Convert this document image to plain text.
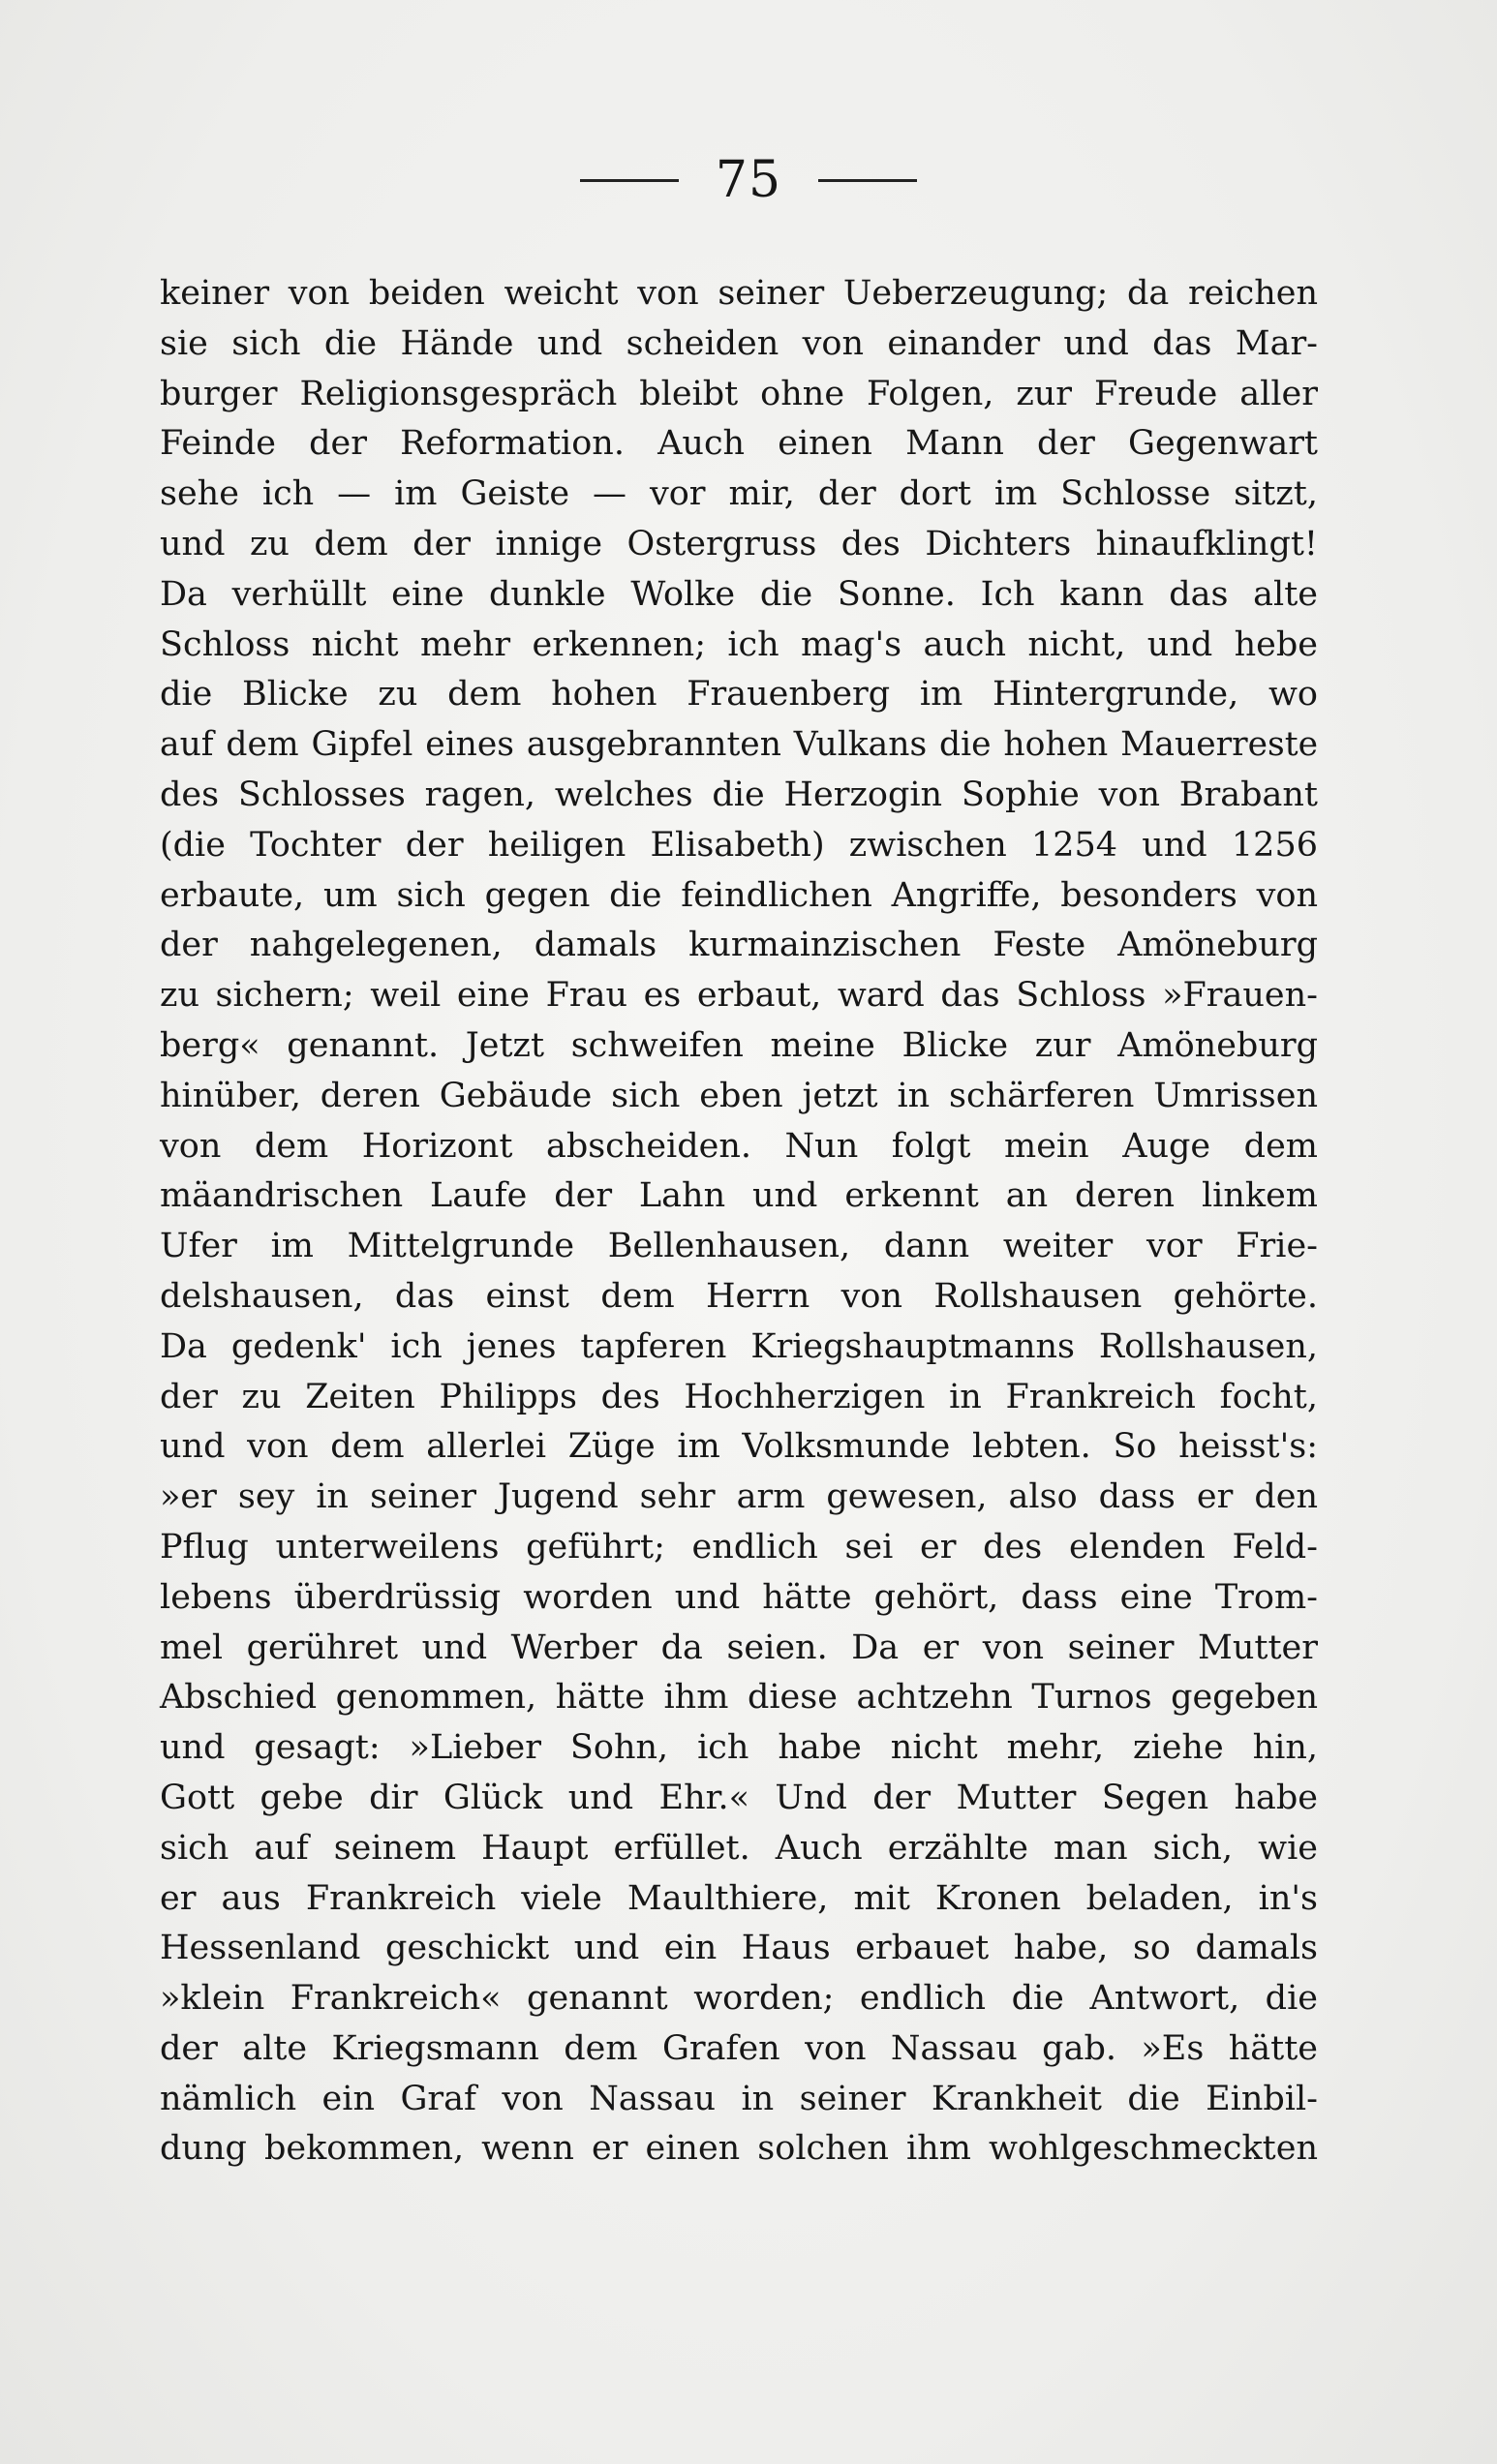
75
keiner von beiden weicht von seiner Ueberzeugung; da reichen
sie sich die Hände und scheiden von einander und das Mar-
burger Religionsgespräch bleibt ohne Folgen, zur Freude aller
Feinde der Reformation. Auch einen Mann der Gegenwart
sehe ich — im Geiste — vor mir, der dort im Schlosse sitzt,
und zu dem der innige Ostergruss des Dichters hinaufklingt!
Da verhüllt eine dunkle Wolke die Sonne. Ich kann das alte
Schloss nicht mehr erkennen; ich mag's auch nicht, und hebe
die Blicke zu dem hohen Frauenberg im Hintergrunde, wo
auf dem Gipfel eines ausgebrannten Vulkans die hohen Mauerreste
des Schlosses ragen, welches die Herzogin Sophie von Brabant
(die Tochter der heiligen Elisabeth) zwischen 1254 und 1256
erbaute, um sich gegen die feindlichen Angriffe, besonders von
der nahgelegenen, damals kurmainzischen Feste Amöneburg
zu sichern; weil eine Frau es erbaut, ward das Schloss »Frauen-
berg« genannt. Jetzt schweifen meine Blicke zur Amöneburg
hinüber, deren Gebäude sich eben jetzt in schärferen Umrissen
von dem Horizont abscheiden. Nun folgt mein Auge dem
mäandrischen Laufe der Lahn und erkennt an deren linkem
Ufer im Mittelgrunde Bellenhausen, dann weiter vor Frie-
delshausen, das einst dem Herrn von Rollshausen gehörte.
Da gedenk' ich jenes tapferen Kriegshauptmanns Rollshausen,
der zu Zeiten Philipps des Hochherzigen in Frankreich focht,
und von dem allerlei Züge im Volksmunde lebten. So heisst's:
»er sey in seiner Jugend sehr arm gewesen, also dass er den
Pflug unterweilens geführt; endlich sei er des elenden Feld-
lebens überdrüssig worden und hätte gehört, dass eine Trom-
mel gerühret und Werber da seien. Da er von seiner Mutter
Abschied genommen, hätte ihm diese achtzehn Turnos gegeben
und gesagt: »Lieber Sohn, ich habe nicht mehr, ziehe hin,
Gott gebe dir Glück und Ehr.« Und der Mutter Segen habe
sich auf seinem Haupt erfüllet. Auch erzählte man sich, wie
er aus Frankreich viele Maulthiere, mit Kronen beladen, in's
Hessenland geschickt und ein Haus erbauet habe, so damals
»klein Frankreich« genannt worden; endlich die Antwort, die
der alte Kriegsmann dem Grafen von Nassau gab. »Es hätte
nämlich ein Graf von Nassau in seiner Krankheit die Einbil-
dung bekommen, wenn er einen solchen ihm wohlgeschmeckten
